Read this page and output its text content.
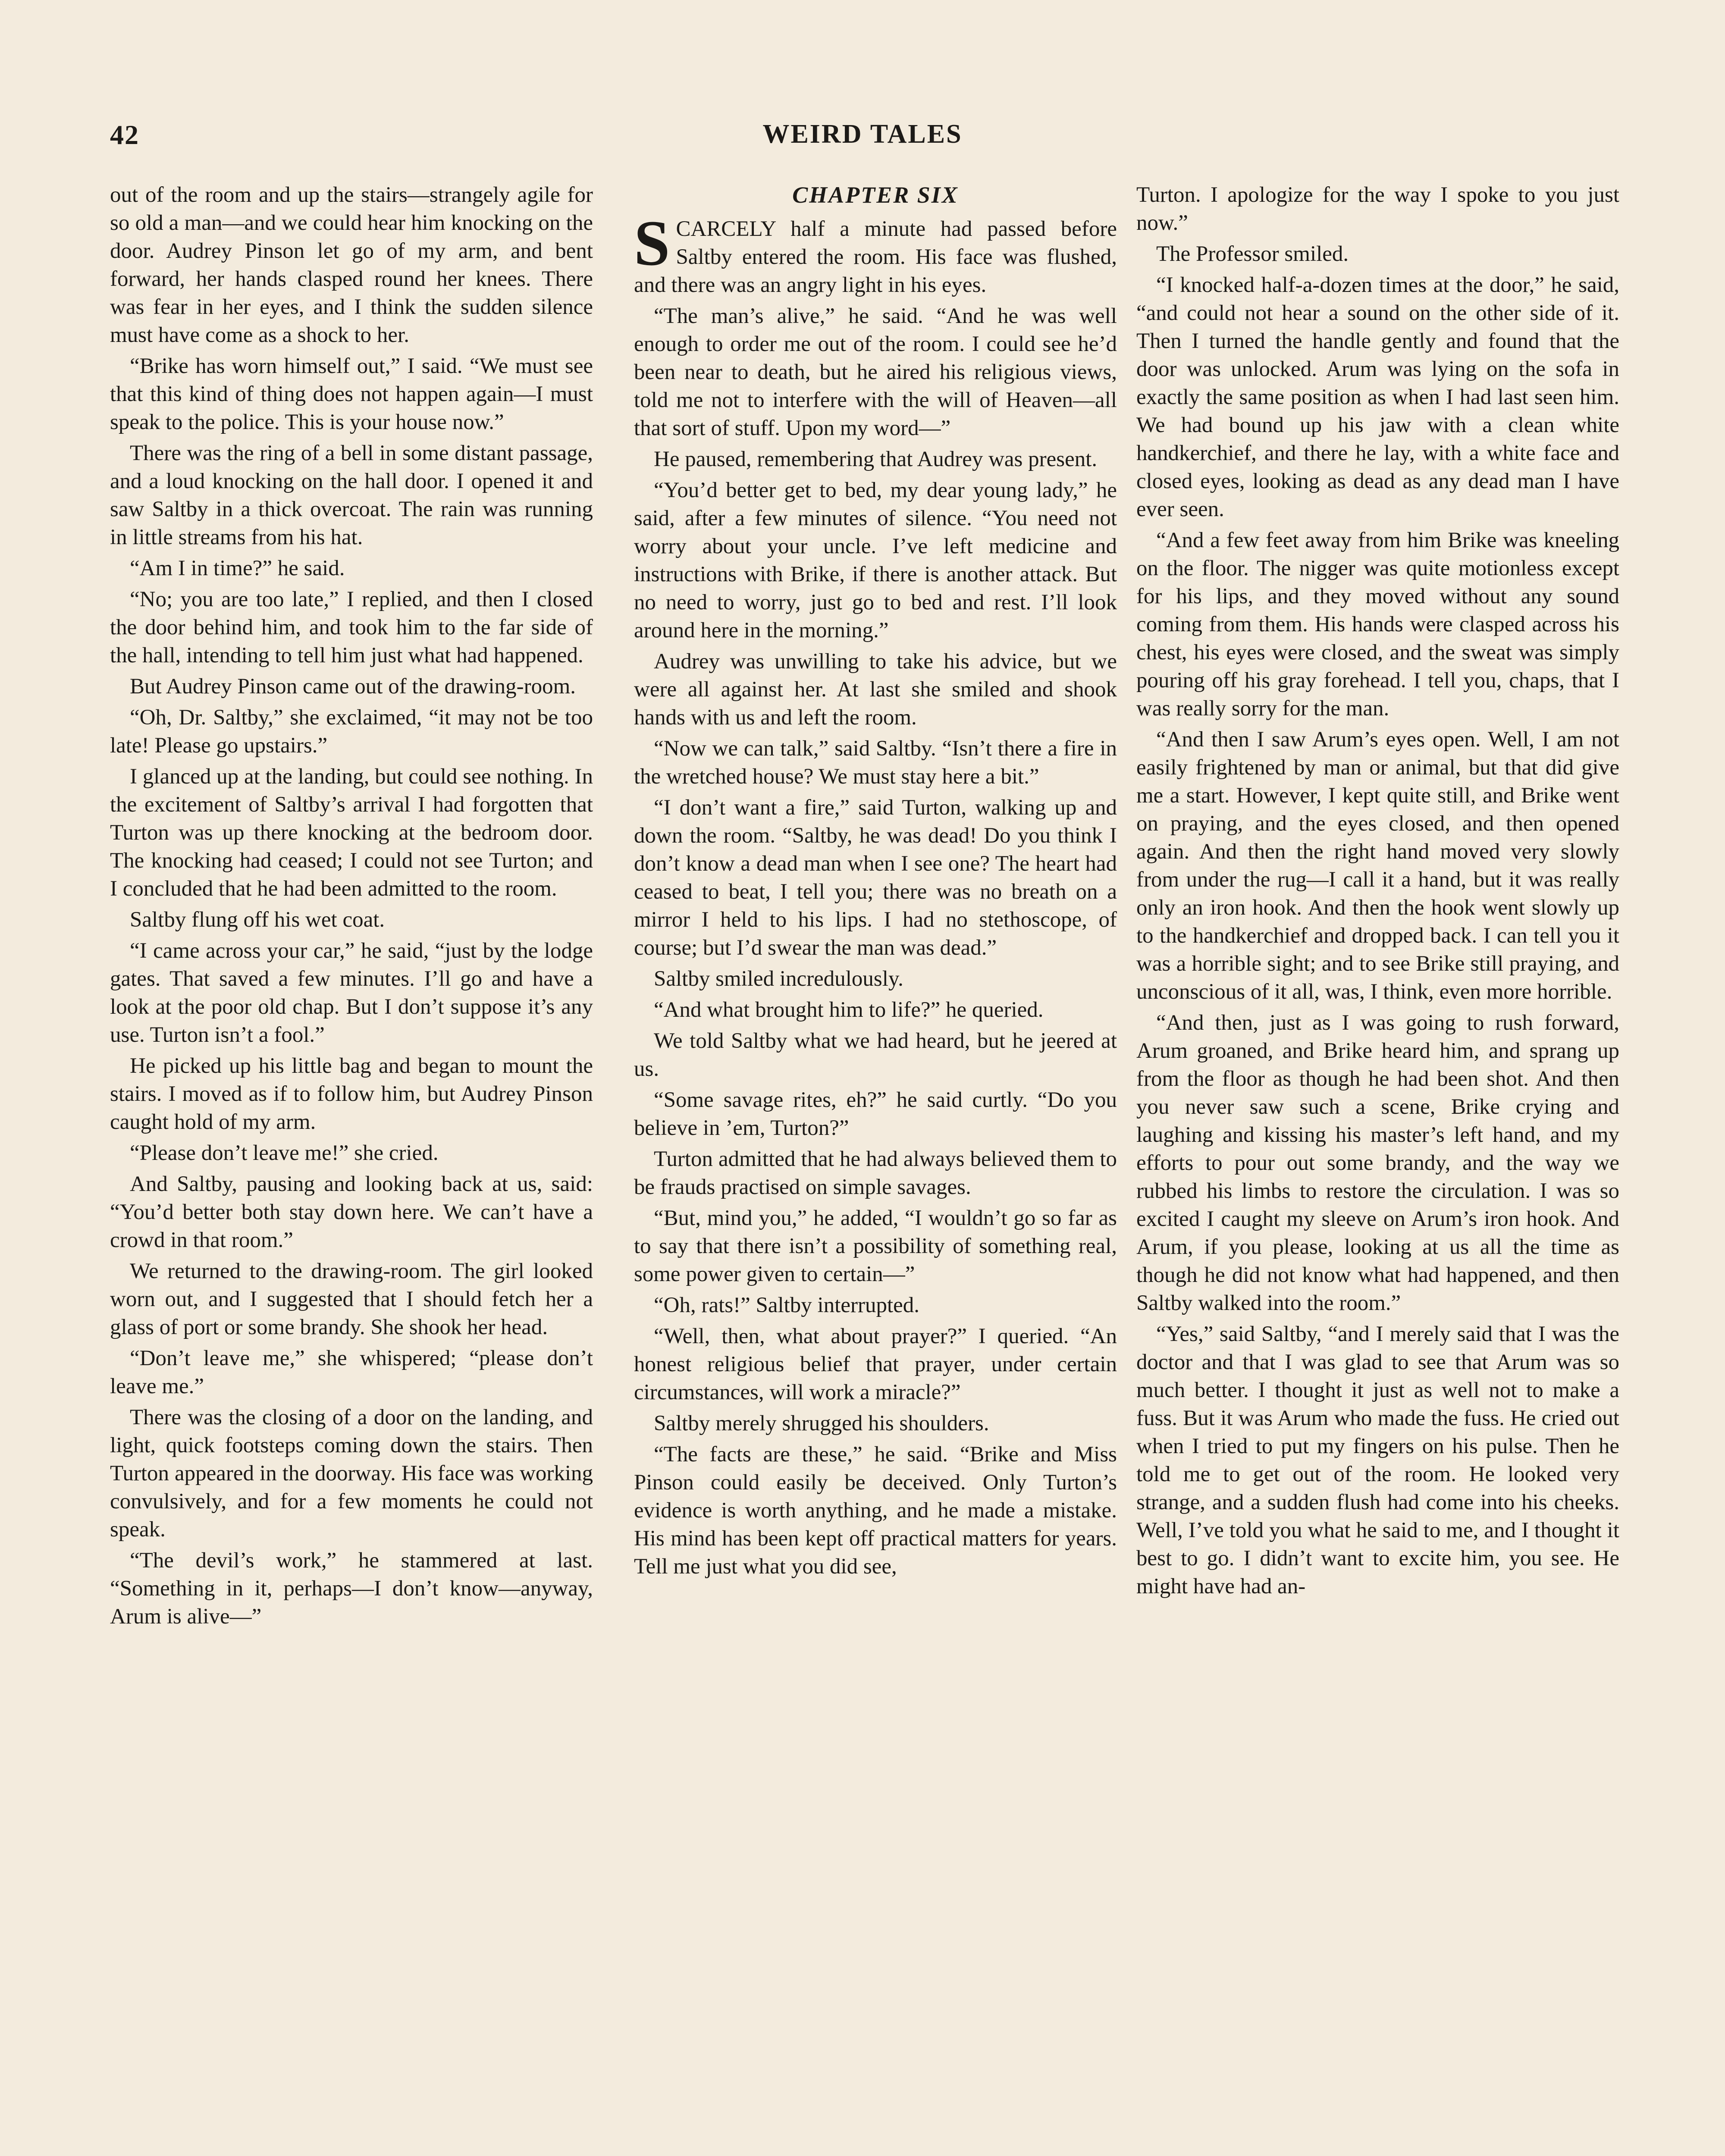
42	WEIRD TALES

out of the room and up the stairs—strangely agile for so old a man—and we could hear him knocking on the door. Audrey Pinson let go of my arm, and bent forward, her hands clasped round her knees. There was fear in her eyes, and I think the sudden silence must have come as a shock to her.

“Brike has worn himself out,” I said. “We must see that this kind of thing does not happen again—I must speak to the police. This is your house now.”

There was the ring of a bell in some distant passage, and a loud knocking on the hall door. I opened it and saw Saltby in a thick overcoat. The rain was running in little streams from his hat.

“Am I in time?” he said.

“No; you are too late,” I replied, and then I closed the door behind him, and took him to the far side of the hall, intending to tell him just what had happened.

But Audrey Pinson came out of the drawing-room.

“Oh, Dr. Saltby,” she exclaimed, “it may not be too late! Please go upstairs.”

I glanced up at the landing, but could see nothing. In the excitement of Saltby’s arrival I had forgotten that Turton was up there knocking at the bedroom door. The knocking had ceased; I could not see Turton; and I concluded that he had been admitted to the room.

Saltby flung off his wet coat.

“I came across your car,” he said, “just by the lodge gates. That saved a few minutes. I’ll go and have a look at the poor old chap. But I don’t suppose it’s any use. Turton isn’t a fool.”

He picked up his little bag and began to mount the stairs. I moved as if to follow him, but Audrey Pinson caught hold of my arm.

“Please don’t leave me!” she cried.

And Saltby, pausing and looking back at us, said: “You’d better both stay down here. We can’t have a crowd in that room.”

We returned to the drawing-room. The girl looked worn out, and I suggested that I should fetch her a glass of port or some brandy. She shook her head.

“Don’t leave me,” she whispered; “please don’t leave me.”

There was the closing of a door on the landing, and light, quick footsteps coming down the stairs. Then Turton appeared in the doorway. His face was working convulsively, and for a few moments he could not speak.

“The devil’s work,” he stammered at last. “Something in it, perhaps—I don’t know—anyway, Arum is alive—”

CHAPTER SIX

SCARCELY half a minute had passed before Saltby entered the room. His face was flushed, and there was an angry light in his eyes.

“The man’s alive,” he said. “And he was well enough to order me out of the room. I could see he’d been near to death, but he aired his religious views, told me not to interfere with the will of Heaven—all that sort of stuff. Upon my word—”

He paused, remembering that Audrey was present.

“You’d better get to bed, my dear young lady,” he said, after a few minutes of silence. “You need not worry about your uncle. I’ve left medicine and instructions with Brike, if there is another attack. But no need to worry, just go to bed and rest. I’ll look around here in the morning.”

Audrey was unwilling to take his advice, but we were all against her. At last she smiled and shook hands with us and left the room.

“Now we can talk,” said Saltby. “Isn’t there a fire in the wretched house? We must stay here a bit.”

“I don’t want a fire,” said Turton, walking up and down the room. “Saltby, he was dead! Do you think I don’t know a dead man when I see one? The heart had ceased to beat, I tell you; there was no breath on a mirror I held to his lips. I had no stethoscope, of course; but I’d swear the man was dead.”

Saltby smiled incredulously.

“And what brought him to life?” he queried.

We told Saltby what we had heard, but he jeered at us.

“Some savage rites, eh?” he said curtly. “Do you believe in ’em, Turton?”

Turton admitted that he had always believed them to be frauds practised on simple savages.

“But, mind you,” he added, “I wouldn’t go so far as to say that there isn’t a possibility of something real, some power given to certain—”

“Oh, rats!” Saltby interrupted.

“Well, then, what about prayer?” I queried. “An honest religious belief that prayer, under certain circumstances, will work a miracle?”

Saltby merely shrugged his shoulders.

“The facts are these,” he said. “Brike and Miss Pinson could easily be deceived. Only Turton’s evidence is worth anything, and he made a mistake. His mind has been kept off practical matters for years. Tell me just what you did see,

Turton. I apologize for the way I spoke to you just now.”

The Professor smiled.

“I knocked half-a-dozen times at the door,” he said, “and could not hear a sound on the other side of it. Then I turned the handle gently and found that the door was unlocked. Arum was lying on the sofa in exactly the same position as when I had last seen him. We had bound up his jaw with a clean white handkerchief, and there he lay, with a white face and closed eyes, looking as dead as any dead man I have ever seen.

“And a few feet away from him Brike was kneeling on the floor. The nigger was quite motionless except for his lips, and they moved without any sound coming from them. His hands were clasped across his chest, his eyes were closed, and the sweat was simply pouring off his gray forehead. I tell you, chaps, that I was really sorry for the man.

“And then I saw Arum’s eyes open. Well, I am not easily frightened by man or animal, but that did give me a start. However, I kept quite still, and Brike went on praying, and the eyes closed, and then opened again. And then the right hand moved very slowly from under the rug—I call it a hand, but it was really only an iron hook. And then the hook went slowly up to the handkerchief and dropped back. I can tell you it was a horrible sight; and to see Brike still praying, and unconscious of it all, was, I think, even more horrible.

“And then, just as I was going to rush forward, Arum groaned, and Brike heard him, and sprang up from the floor as though he had been shot. And then you never saw such a scene, Brike crying and laughing and kissing his master’s left hand, and my efforts to pour out some brandy, and the way we rubbed his limbs to restore the circulation. I was so excited I caught my sleeve on Arum’s iron hook. And Arum, if you please, looking at us all the time as though he did not know what had happened, and then Saltby walked into the room.”

“Yes,” said Saltby, “and I merely said that I was the doctor and that I was glad to see that Arum was so much better. I thought it just as well not to make a fuss. But it was Arum who made the fuss. He cried out when I tried to put my fingers on his pulse. Then he told me to get out of the room. He looked very strange, and a sudden flush had come into his cheeks. Well, I’ve told you what he said to me, and I thought it best to go. I didn’t want to excite him, you see. He might have had an-
